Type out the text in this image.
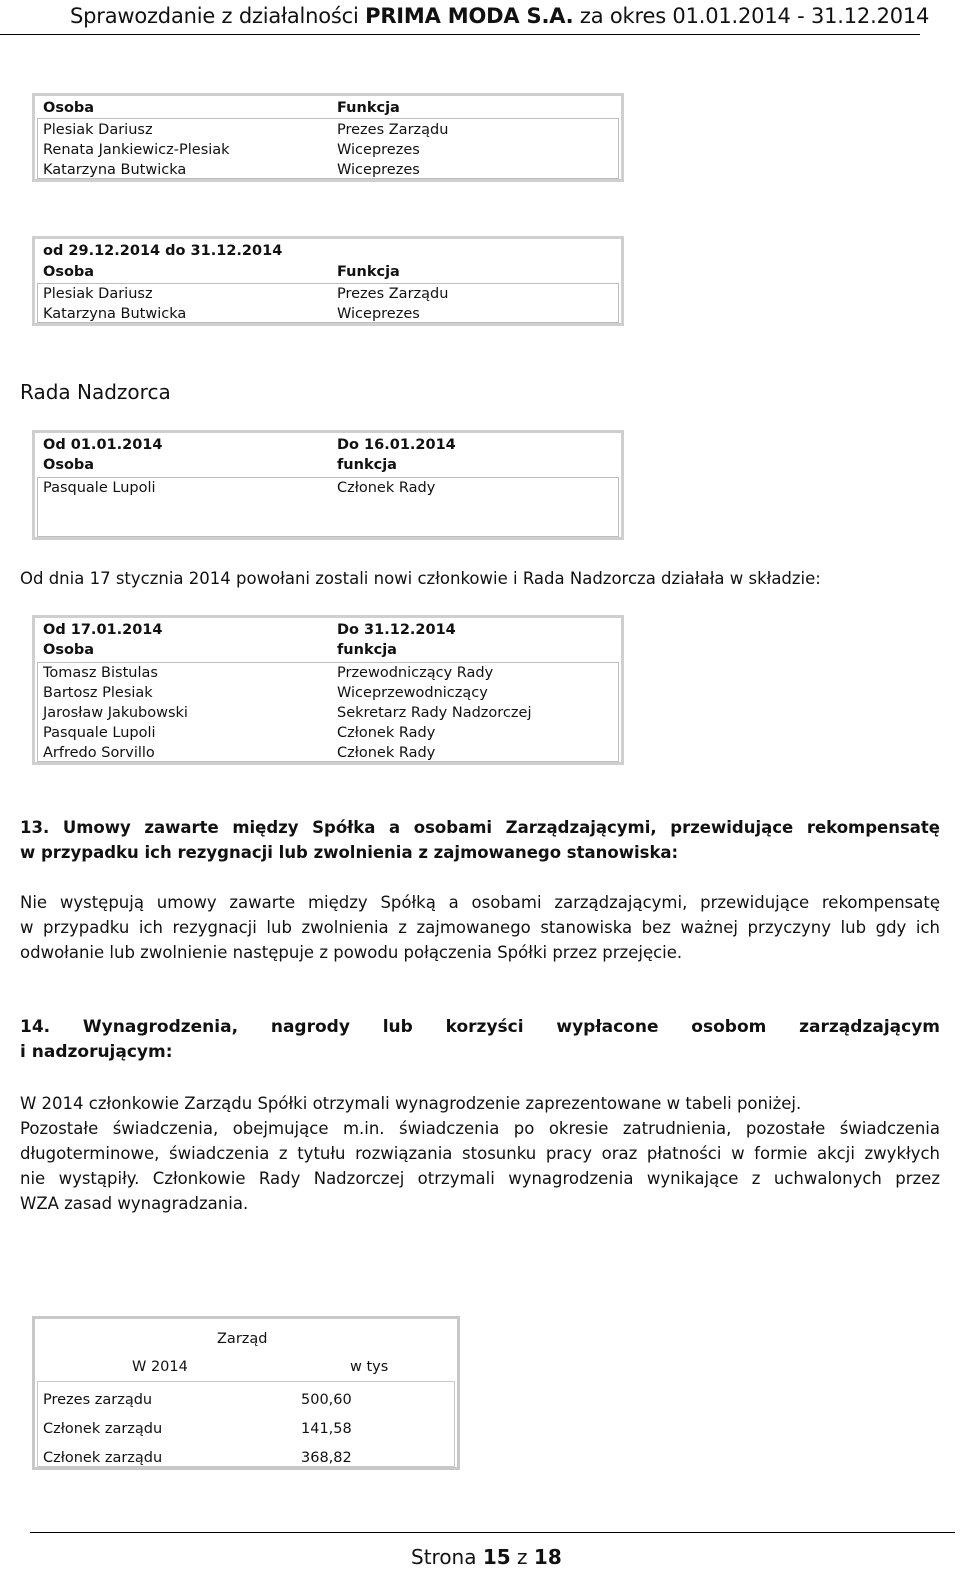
Sprawozdanie z działalności PRIMA MODA S.A. za okres 01.01.2014 - 31.12.2014
Osoba	Funkcja
Plesiak Dariusz	Prezes Zarządu
Renata Jankiewicz-Plesiak	Wiceprezes
Katarzyna Butwicka	Wiceprezes
od 29.12.2014 do 31.12.2014
Osoba	Funkcja
Plesiak Dariusz	Prezes Zarządu
Katarzyna Butwicka	Wiceprezes
Rada Nadzorca
Od 01.01.2014	Do 16.01.2014
Osoba	funkcja
Pasquale Lupoli	Członek Rady
Od dnia 17 stycznia 2014 powołani zostali nowi członkowie i Rada Nadzorcza działała w składzie:
Od 17.01.2014	Do 31.12.2014
Osoba	funkcja
Tomasz Bistulas	Przewodniczący Rady
Bartosz Plesiak	Wiceprzewodniczący
Jarosław Jakubowski	Sekretarz Rady Nadzorczej
Pasquale Lupoli	Członek Rady
Arfredo Sorvillo	Członek Rady
13. Umowy zawarte między Spółka a osobami Zarządzającymi, przewidujące rekompensatę
w przypadku ich rezygnacji lub zwolnienia z zajmowanego stanowiska:
Nie występują umowy zawarte między Spółką a osobami zarządzającymi, przewidujące rekompensatę
w przypadku ich rezygnacji lub zwolnienia z zajmowanego stanowiska bez ważnej przyczyny lub gdy ich
odwołanie lub zwolnienie następuje z powodu połączenia Spółki przez przejęcie.
14. Wynagrodzenia, nagrody lub korzyści wypłacone osobom zarządzającym
i nadzorującym:
W 2014 członkowie Zarządu Spółki otrzymali wynagrodzenie zaprezentowane w tabeli poniżej.
Pozostałe świadczenia, obejmujące m.in. świadczenia po okresie zatrudnienia, pozostałe świadczenia
długoterminowe, świadczenia z tytułu rozwiązania stosunku pracy oraz płatności w formie akcji zwykłych
nie wystąpiły. Członkowie Rady Nadzorczej otrzymali wynagrodzenia wynikające z uchwalonych przez
WZA zasad wynagradzania.
Zarząd
W 2014	w tys
Prezes zarządu	500,60
Członek zarządu	141,58
Członek zarządu	368,82
Strona 15 z 18
